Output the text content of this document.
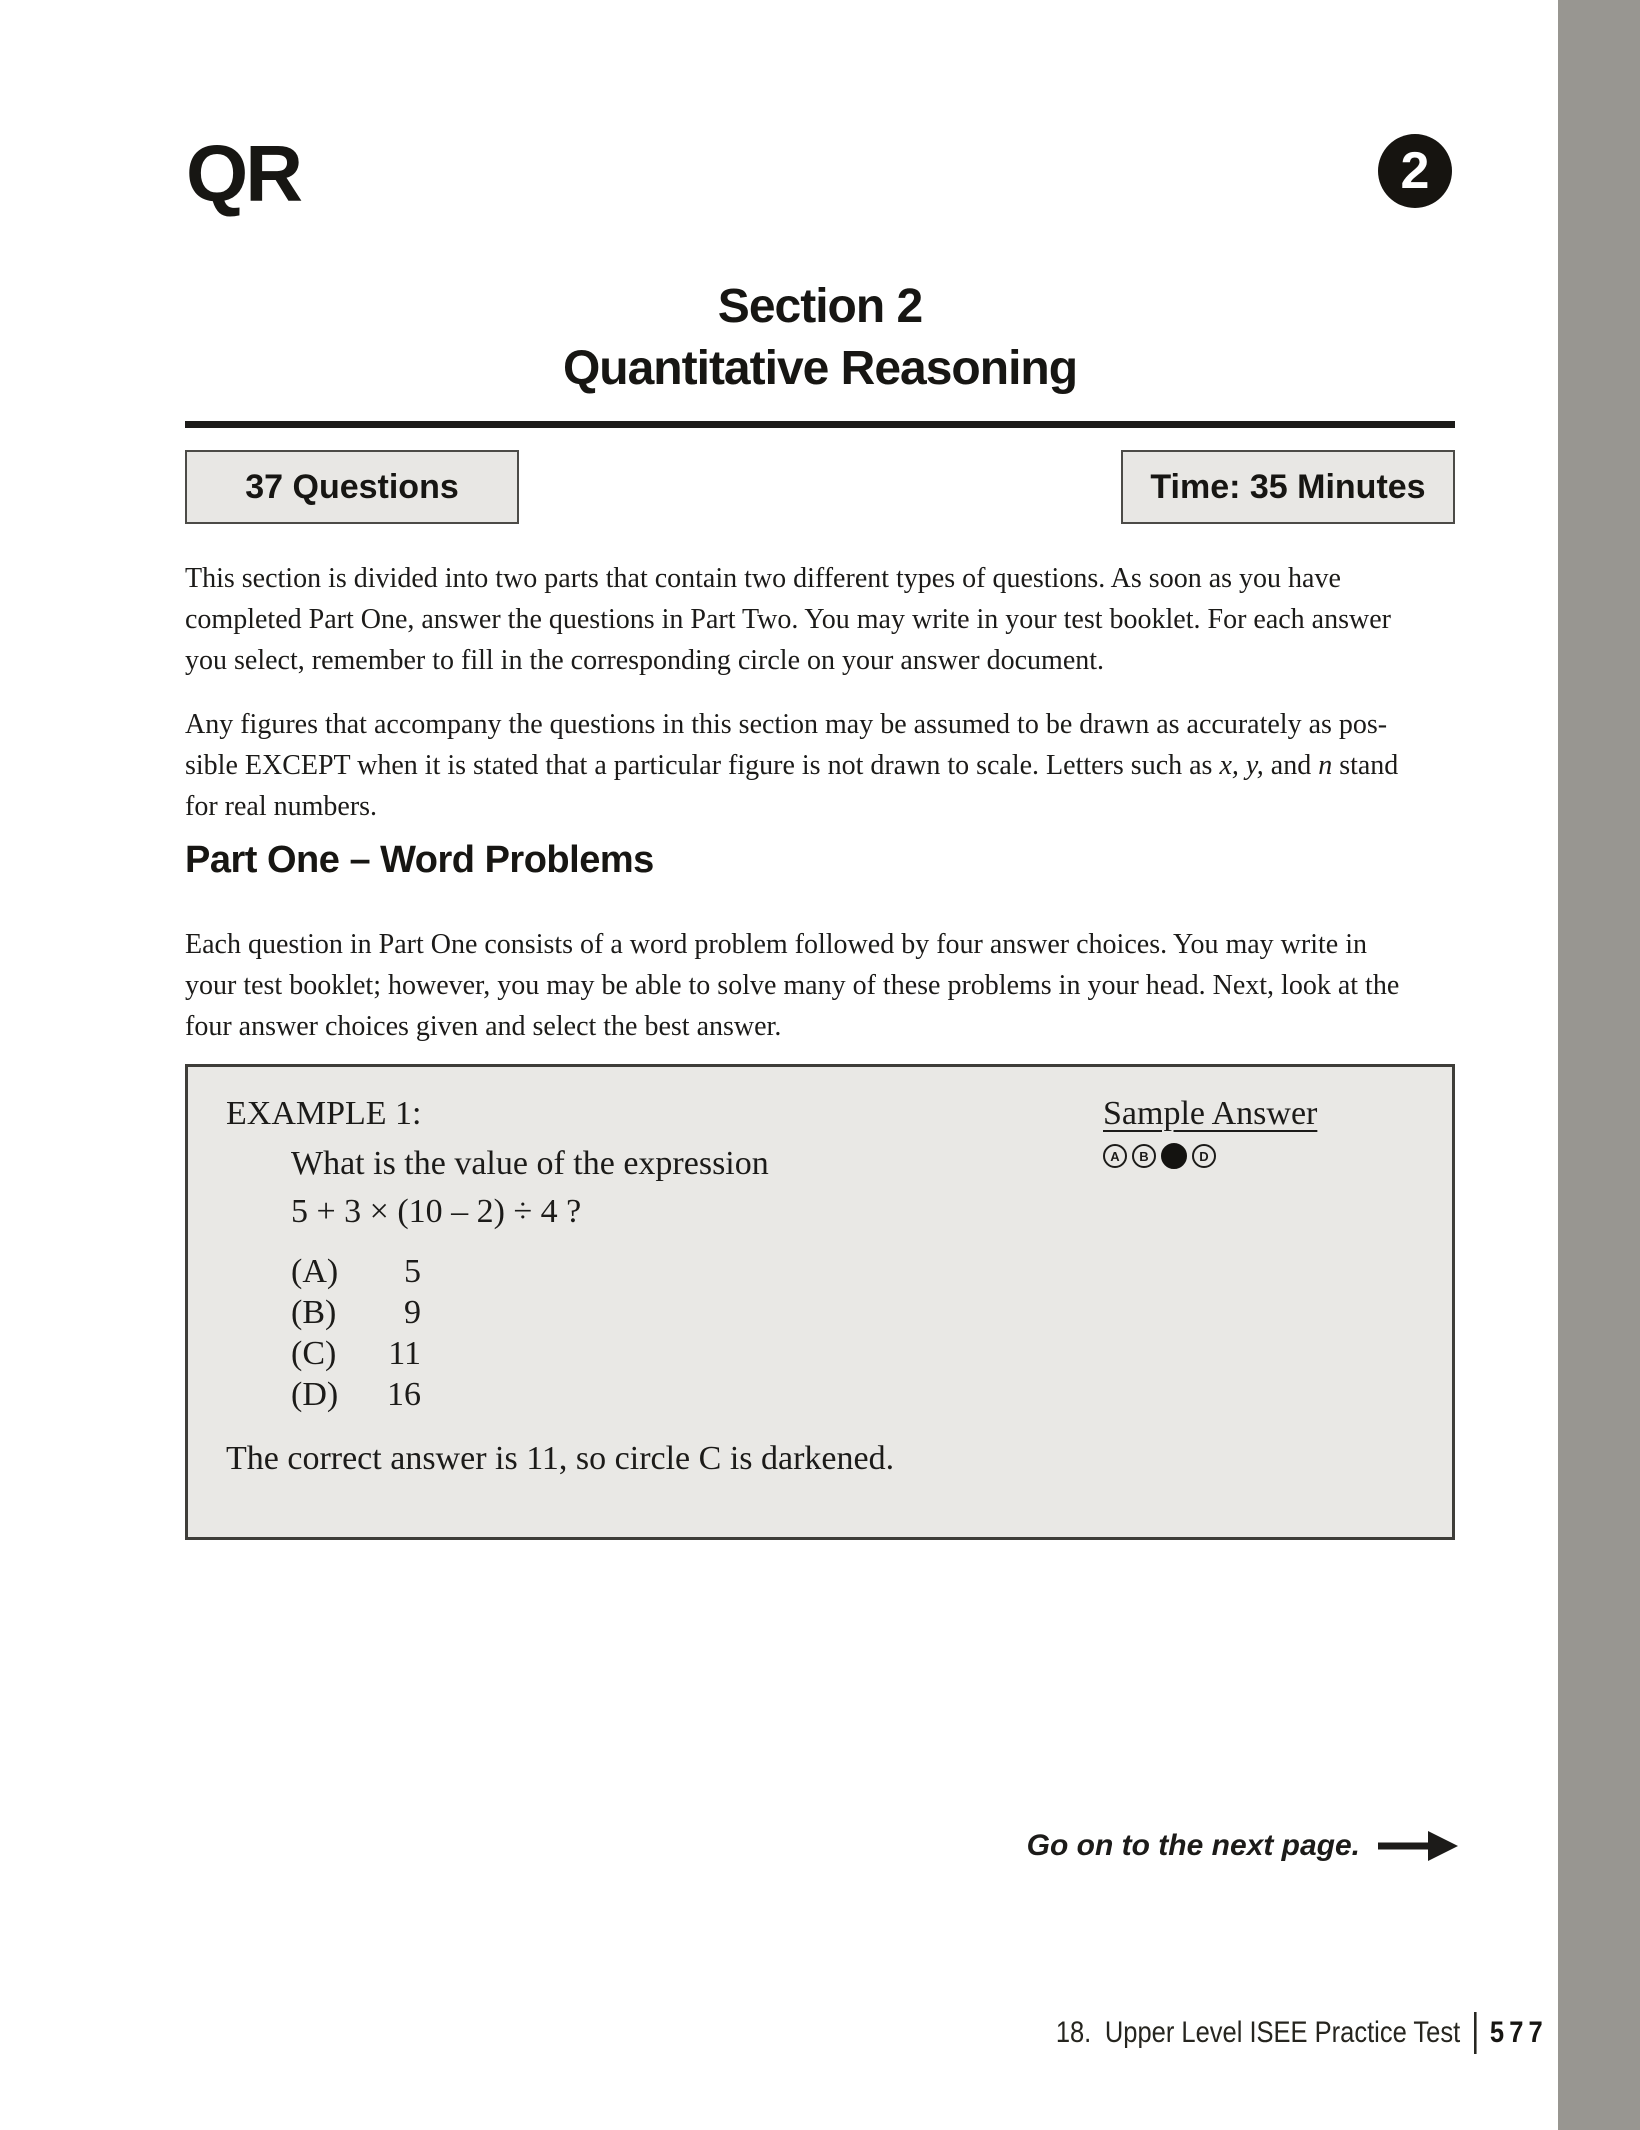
QR	2
Section 2
Quantitative Reasoning
37 Questions	Time: 35 Minutes
This section is divided into two parts that contain two different types of questions. As soon as you have
completed Part One, answer the questions in Part Two. You may write in your test booklet. For each answer
you select, remember to fill in the corresponding circle on your answer document.
Any figures that accompany the questions in this section may be assumed to be drawn as accurately as pos-
sible EXCEPT when it is stated that a particular figure is not drawn to scale. Letters such as x, y, and n stand
for real numbers.
Part One – Word Problems
Each question in Part One consists of a word problem followed by four answer choices. You may write in
your test booklet; however, you may be able to solve many of these problems in your head. Next, look at the
four answer choices given and select the best answer.
EXAMPLE 1:	Sample Answer
A B	D
What is the value of the expression
5 + 3 × (10 – 2) ÷ 4 ?
(A) 5
(B) 9
(C) 11
(D) 16
The correct answer is 11, so circle C is darkened.
Go on to the next page.
18. Upper Level ISEE Practice Test 577
